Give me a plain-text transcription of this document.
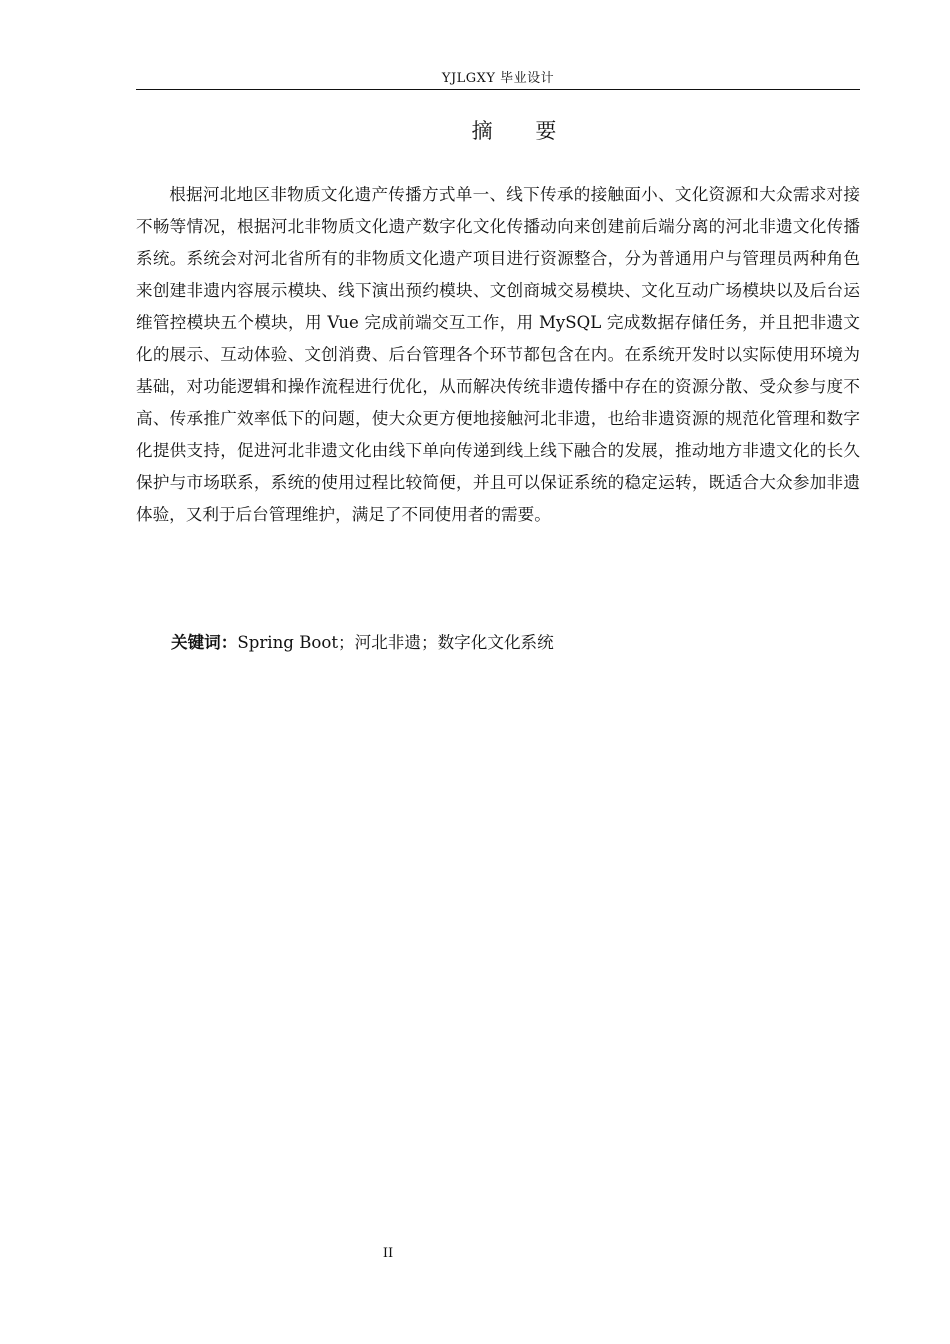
YJLGXY 毕业设计
摘 要

根据河北地区非物质文化遗产传播方式单一、线下传承的接触面小、文化资源和大众需求对接不畅等情况，根据河北非物质文化遗产数字化文化传播动向来创建前后端分离的河北非遗文化传播系统。系统会对河北省所有的非物质文化遗产项目进行资源整合，分为普通用户与管理员两种角色来创建非遗内容展示模块、线下演出预约模块、文创商城交易模块、文化互动广场模块以及后台运维管控模块五个模块，用 Vue 完成前端交互工作，用 MySQL 完成数据存储任务，并且把非遗文化的展示、互动体验、文创消费、后台管理各个环节都包含在内。在系统开发时以实际使用环境为基础，对功能逻辑和操作流程进行优化，从而解决传统非遗传播中存在的资源分散、受众参与度不高、传承推广效率低下的问题，使大众更方便地接触河北非遗，也给非遗资源的规范化管理和数字化提供支持，促进河北非遗文化由线下单向传递到线上线下融合的发展，推动地方非遗文化的长久保护与市场联系，系统的使用过程比较简便，并且可以保证系统的稳定运转，既适合大众参加非遗体验，又利于后台管理维护，满足了不同使用者的需要。

关键词：Spring Boot；河北非遗；数字化文化系统

II
